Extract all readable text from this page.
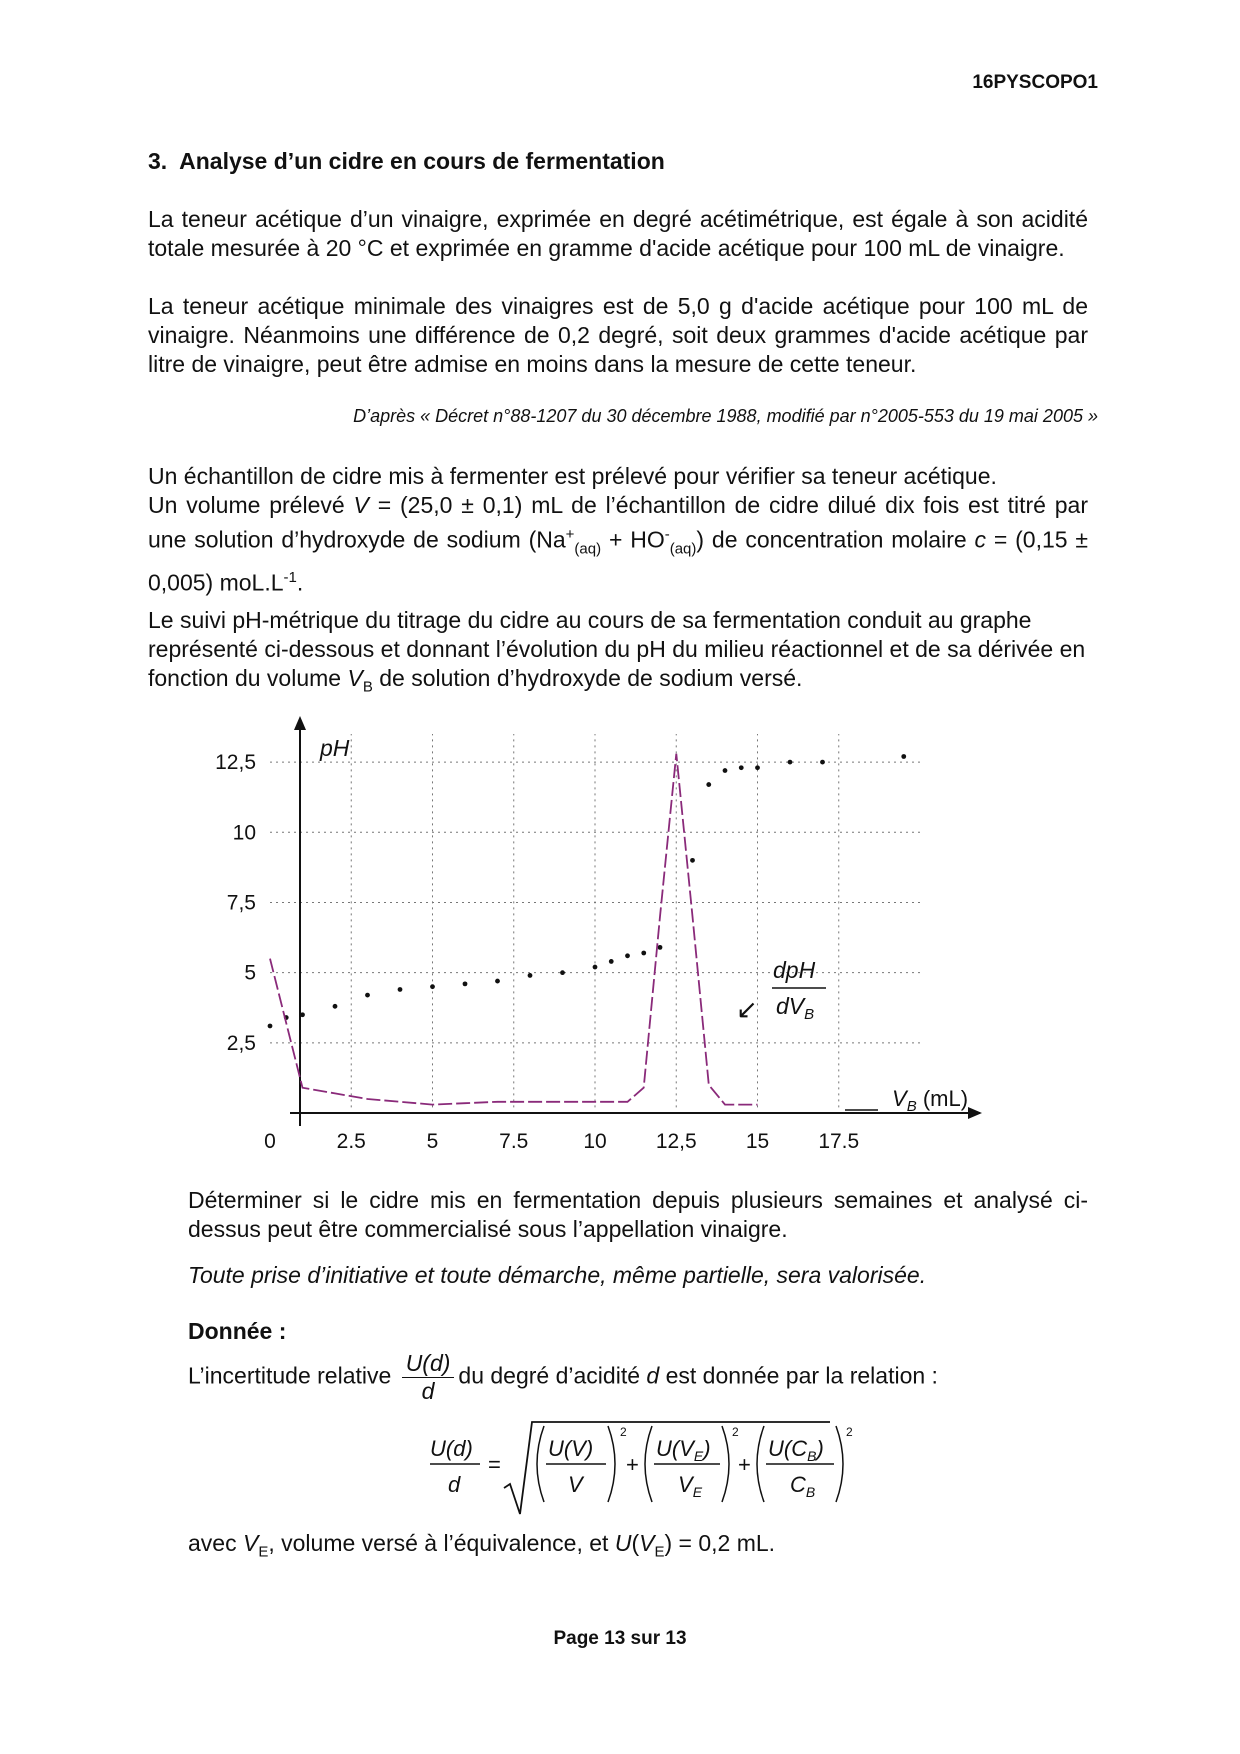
16PYSCOPO1
3. Analyse d’un cidre en cours de fermentation

La teneur acétique d’un vinaigre, exprimée en degré acétimétrique, est égale à son acidité totale mesurée à 20 °C et exprimée en gramme d'acide acétique pour 100 mL de vinaigre.

La teneur acétique minimale des vinaigres est de 5,0 g d'acide acétique pour 100 mL de vinaigre. Néanmoins une différence de 0,2 degré, soit deux grammes d'acide acétique par litre de vinaigre, peut être admise en moins dans la mesure de cette teneur.

D’après « Décret n°88-1207 du 30 décembre 1988, modifié par n°2005-553 du 19 mai 2005 »

Un échantillon de cidre mis à fermenter est prélevé pour vérifier sa teneur acétique.
Un volume prélevé V = (25,0 ± 0,1) mL de l’échantillon de cidre dilué dix fois est titré par une solution d’hydroxyde de sodium $(Na^+_{(aq)} + HO^-_{(aq)})$ de concentration molaire c = (0,15 ± 0,005) $moL.L^{-1}$.

Le suivi pH-métrique du titrage du cidre au cours de sa fermentation conduit au graphe représenté ci-dessous et donnant l’évolution du pH du milieu réactionnel et de sa dérivée en fonction du volume $V_B$ de solution d’hydroxyde de sodium versé.

0	2.5	5	7.5	10 12,5 15 17.5
12,5
10
7,5
5
2,5
pH
$V_B$ (mL)
dpH
$dV_B$
↙

Déterminer si le cidre mis en fermentation depuis plusieurs semaines et analysé ci-dessus peut être commercialisé sous l’appellation vinaigre.

Toute prise d’initiative et toute démarche, même partielle, sera valorisée.

Donnée :

L’incertitude relative $\frac{U(d)}{d}$ du degré d’acidité d est donnée par la relation :
U(d)
d
=
U(V)
V
2
+
$U(V_E)$
$V_E$
2
+
$U(C_B)$
$C_B$
2

avec $V_E$, volume versé à l’équivalence, et $U(V_E) = 0,2$ mL.

Page 13 sur 13
